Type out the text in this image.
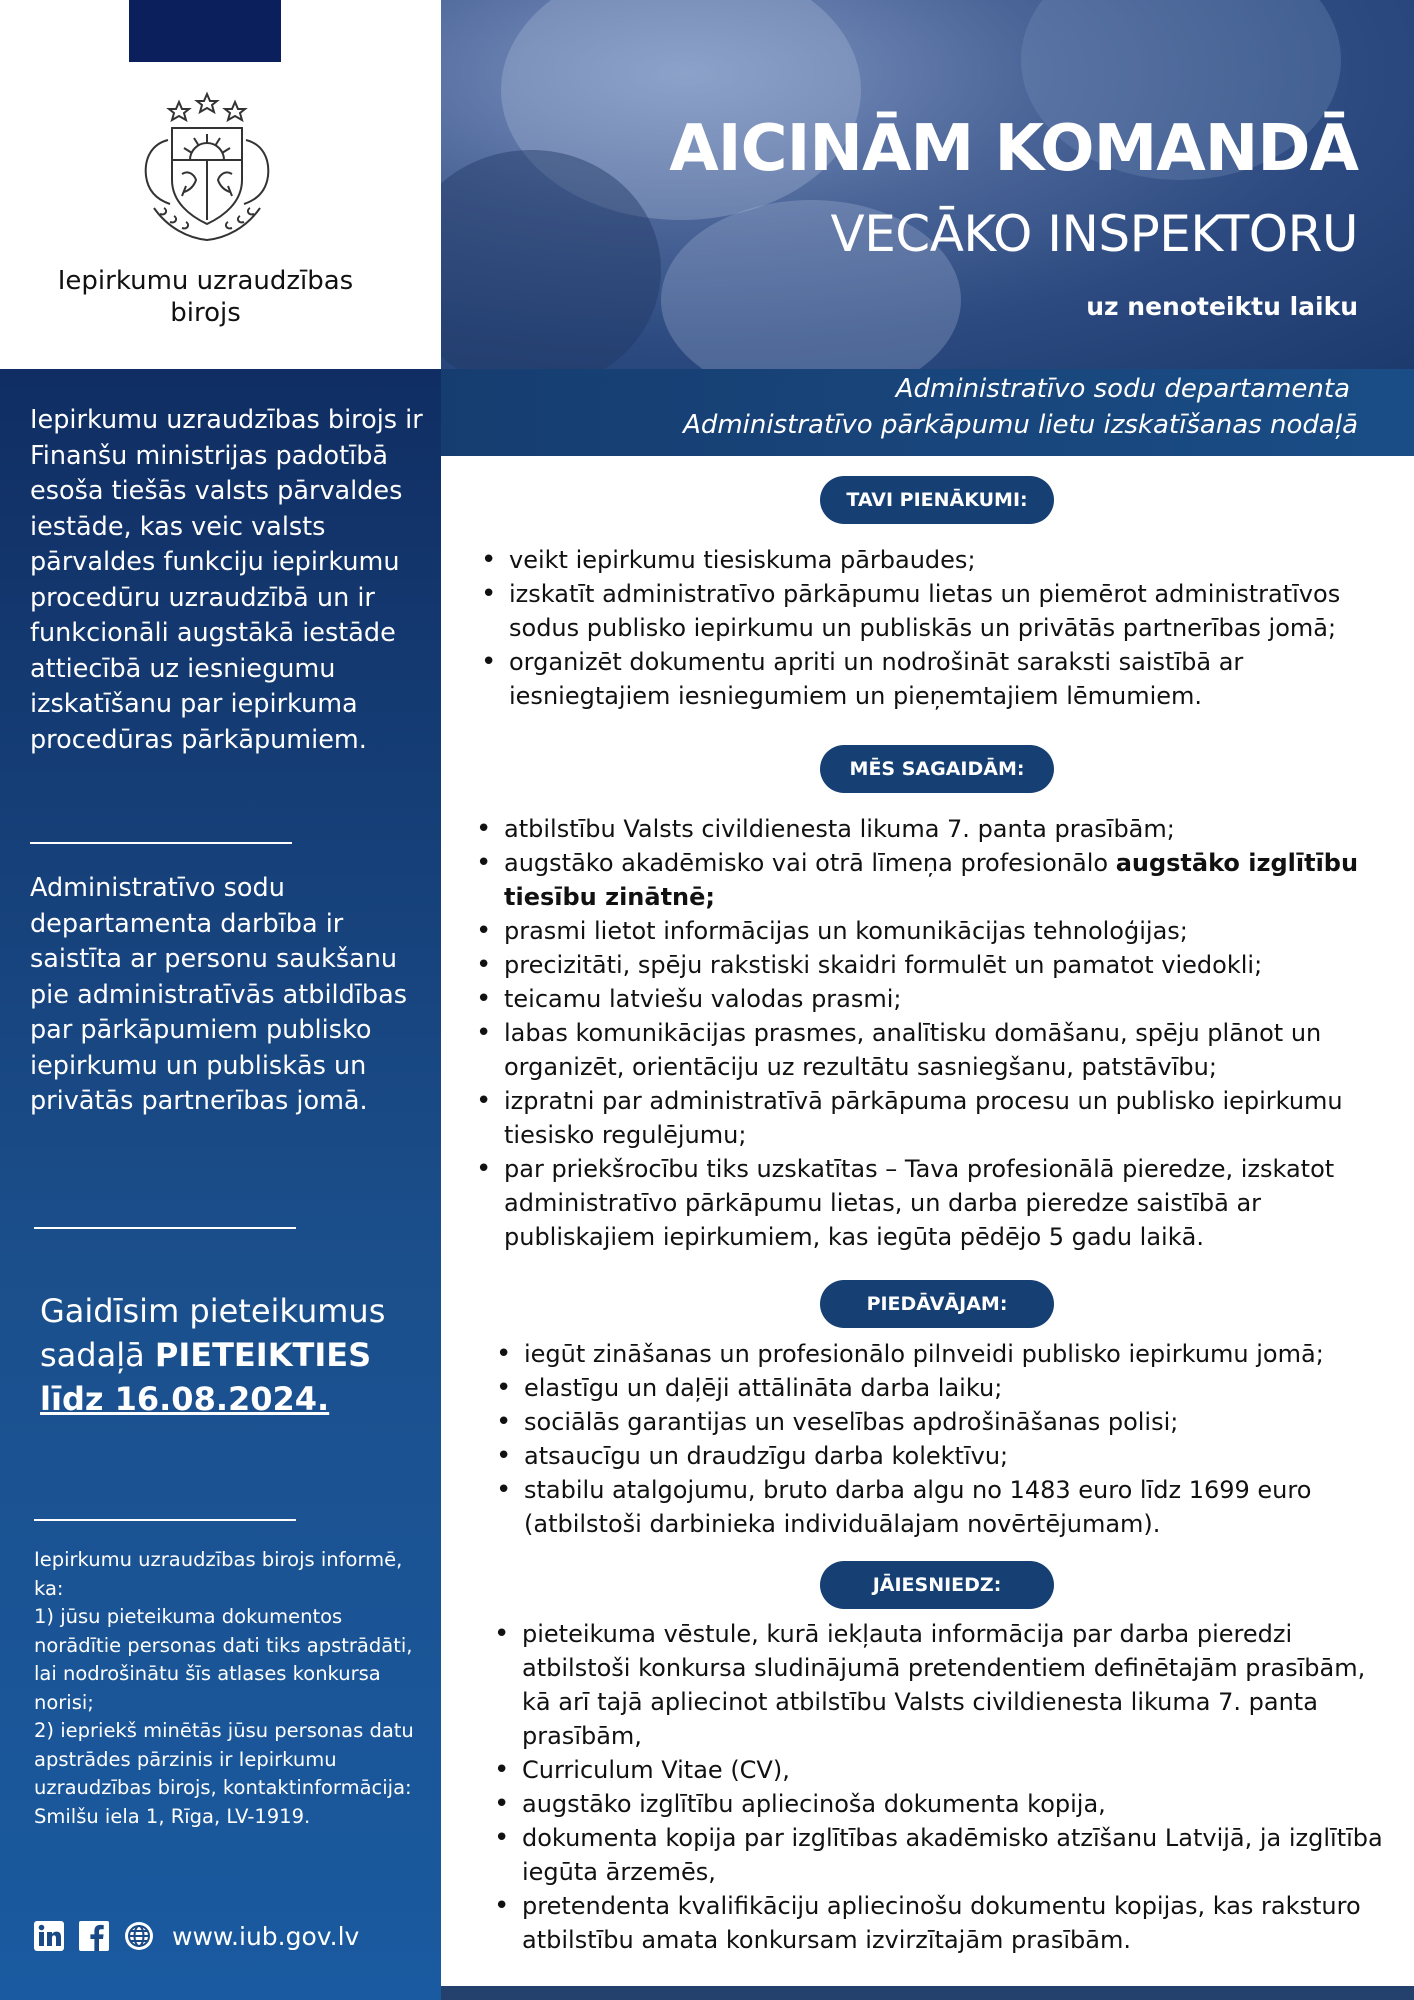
Iepirkumu uzraudzības
birojs
AICINĀM KOMANDĀ
VECĀKO INSPEKTORU
uz nenoteiktu laiku
Administratīvo sodu departamenta
Administratīvo pārkāpumu lietu izskatīšanas nodaļā
Iepirkumu uzraudzības birojs ir Finanšu ministrijas padotībā esoša tiešās valsts pārvaldes iestāde, kas veic valsts pārvaldes funkciju iepirkumu procedūru uzraudzībā un ir funkcionāli augstākā iestāde attiecībā uz iesniegumu izskatīšanu par iepirkuma procedūras pārkāpumiem.
Administratīvo sodu departamenta darbība ir saistīta ar personu saukšanu pie administratīvās atbildības par pārkāpumiem publisko iepirkumu un publiskās un privātās partnerības jomā.
Gaidīsim pieteikumus
sadaļā PIETEIKTIES
līdz 16.08.2024.
Iepirkumu uzraudzības birojs informē, ka:
1) jūsu pieteikuma dokumentos norādītie personas dati tiks apstrādāti, lai nodrošinātu šīs atlases konkursa norisi;
2) iepriekš minētās jūsu personas datu apstrādes pārzinis ir Iepirkumu uzraudzības birojs, kontaktinformācija: Smilšu iela 1, Rīga, LV-1919.
www.iub.gov.lv
TAVI PIENĀKUMI:
• veikt iepirkumu tiesiskuma pārbaudes;
• izskatīt administratīvo pārkāpumu lietas un piemērot administratīvos sodus publisko iepirkumu un publiskās un privātās partnerības jomā;
• organizēt dokumentu apriti un nodrošināt saraksti saistībā ar iesniegtajiem iesniegumiem un pieņemtajiem lēmumiem.
MĒS SAGAIDĀM:
• atbilstību Valsts civildienesta likuma 7. panta prasībām;
• augstāko akadēmisko vai otrā līmeņa profesionālo augstāko izglītību tiesību zinātnē;
• prasmi lietot informācijas un komunikācijas tehnoloģijas;
• precizitāti, spēju rakstiski skaidri formulēt un pamatot viedokli;
• teicamu latviešu valodas prasmi;
• labas komunikācijas prasmes, analītisku domāšanu, spēju plānot un organizēt, orientāciju uz rezultātu sasniegšanu, patstāvību;
• izpratni par administratīvā pārkāpuma procesu un publisko iepirkumu tiesisko regulējumu;
• par priekšrocību tiks uzskatītas – Tava profesionālā pieredze, izskatot administratīvo pārkāpumu lietas, un darba pieredze saistībā ar publiskajiem iepirkumiem, kas iegūta pēdējo 5 gadu laikā.
PIEDĀVĀJAM:
• iegūt zināšanas un profesionālo pilnveidi publisko iepirkumu jomā;
• elastīgu un daļēji attālināta darba laiku;
• sociālās garantijas un veselības apdrošināšanas polisi;
• atsaucīgu un draudzīgu darba kolektīvu;
• stabilu atalgojumu, bruto darba algu no 1483 euro līdz 1699 euro (atbilstoši darbinieka individuālajam novērtējumam).
JĀIESNIEDZ:
• pieteikuma vēstule, kurā iekļauta informācija par darba pieredzi atbilstoši konkursa sludinājumā pretendentiem definētajām prasībām, kā arī tajā apliecinot atbilstību Valsts civildienesta likuma 7. panta prasībām,
• Curriculum Vitae (CV),
• augstāko izglītību apliecinoša dokumenta kopija,
• dokumenta kopija par izglītības akadēmisko atzīšanu Latvijā, ja izglītība iegūta ārzemēs,
• pretendenta kvalifikāciju apliecinošu dokumentu kopijas, kas raksturo atbilstību amata konkursam izvirzītajām prasībām.
